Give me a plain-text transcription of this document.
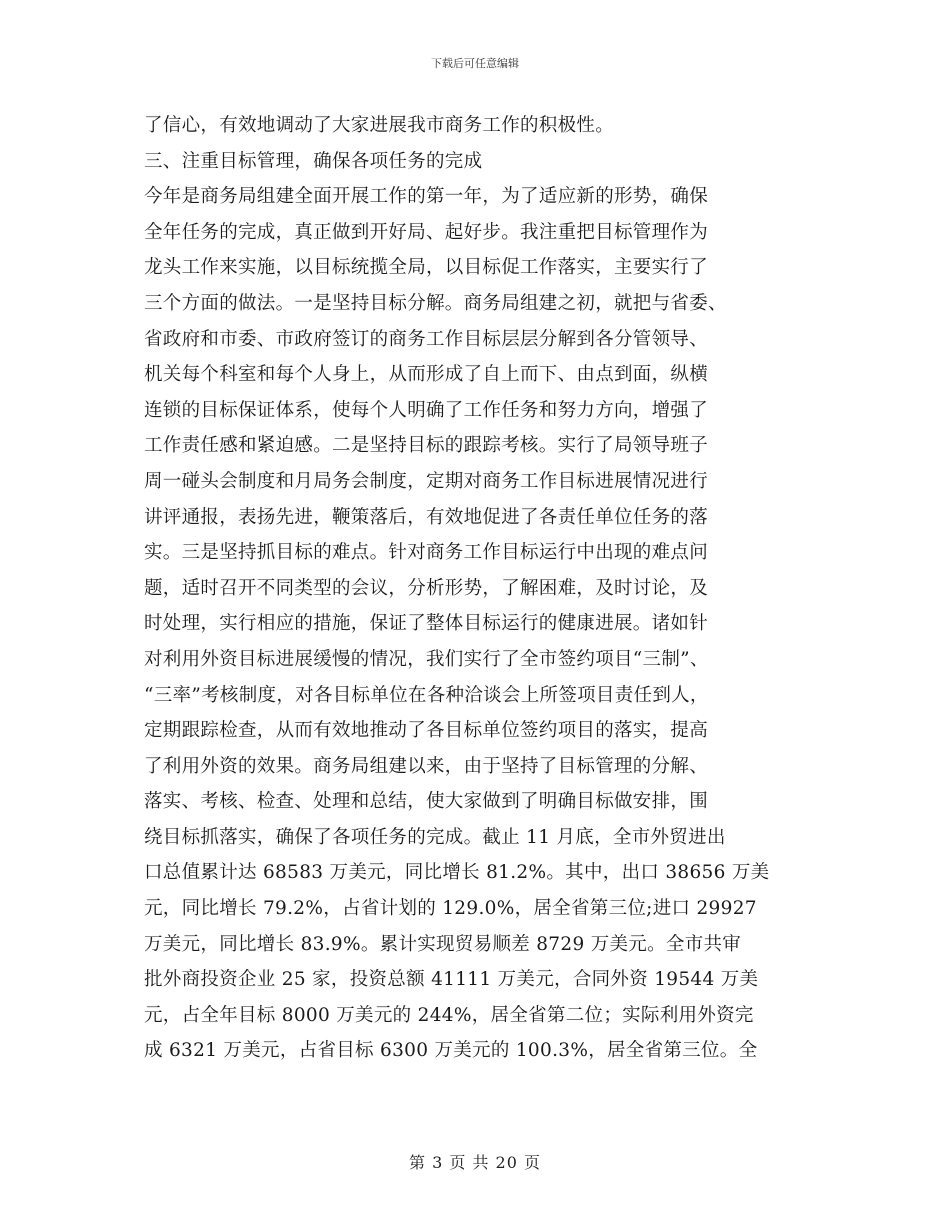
下载后可任意编辑
了信心，有效地调动了大家进展我市商务工作的积极性。
三、注重目标管理，确保各项任务的完成
今年是商务局组建全面开展工作的第一年，为了适应新的形势，确保
全年任务的完成，真正做到开好局、起好步。我注重把目标管理作为
龙头工作来实施，以目标统揽全局，以目标促工作落实，主要实行了
三个方面的做法。一是坚持目标分解。商务局组建之初，就把与省委、
省政府和市委、市政府签订的商务工作目标层层分解到各分管领导、
机关每个科室和每个人身上，从而形成了自上而下、由点到面，纵横
连锁的目标保证体系，使每个人明确了工作任务和努力方向，增强了
工作责任感和紧迫感。二是坚持目标的跟踪考核。实行了局领导班子
周一碰头会制度和月局务会制度，定期对商务工作目标进展情况进行
讲评通报，表扬先进，鞭策落后，有效地促进了各责任单位任务的落
实。三是坚持抓目标的难点。针对商务工作目标运行中出现的难点问
题，适时召开不同类型的会议，分析形势，了解困难，及时讨论，及
时处理，实行相应的措施，保证了整体目标运行的健康进展。诸如针
对利用外资目标进展缓慢的情况，我们实行了全市签约项目“三制”、
“三率”考核制度，对各目标单位在各种洽谈会上所签项目责任到人，
定期跟踪检查，从而有效地推动了各目标单位签约项目的落实，提高
了利用外资的效果。商务局组建以来，由于坚持了目标管理的分解、
落实、考核、检查、处理和总结，使大家做到了明确目标做安排，围
绕目标抓落实，确保了各项任务的完成。截止 11 月底，全市外贸进出
口总值累计达 68583 万美元，同比增长 81.2%。其中，出口 38656 万美
元，同比增长 79.2%，占省计划的 129.0%，居全省第三位;进口 29927
万美元，同比增长 83.9%。累计实现贸易顺差 8729 万美元。全市共审
批外商投资企业 25 家，投资总额 41111 万美元，合同外资 19544 万美
元，占全年目标 8000 万美元的 244%，居全省第二位；实际利用外资完
成 6321 万美元，占省目标 6300 万美元的 100.3%，居全省第三位。全
第 3 页 共 20 页
